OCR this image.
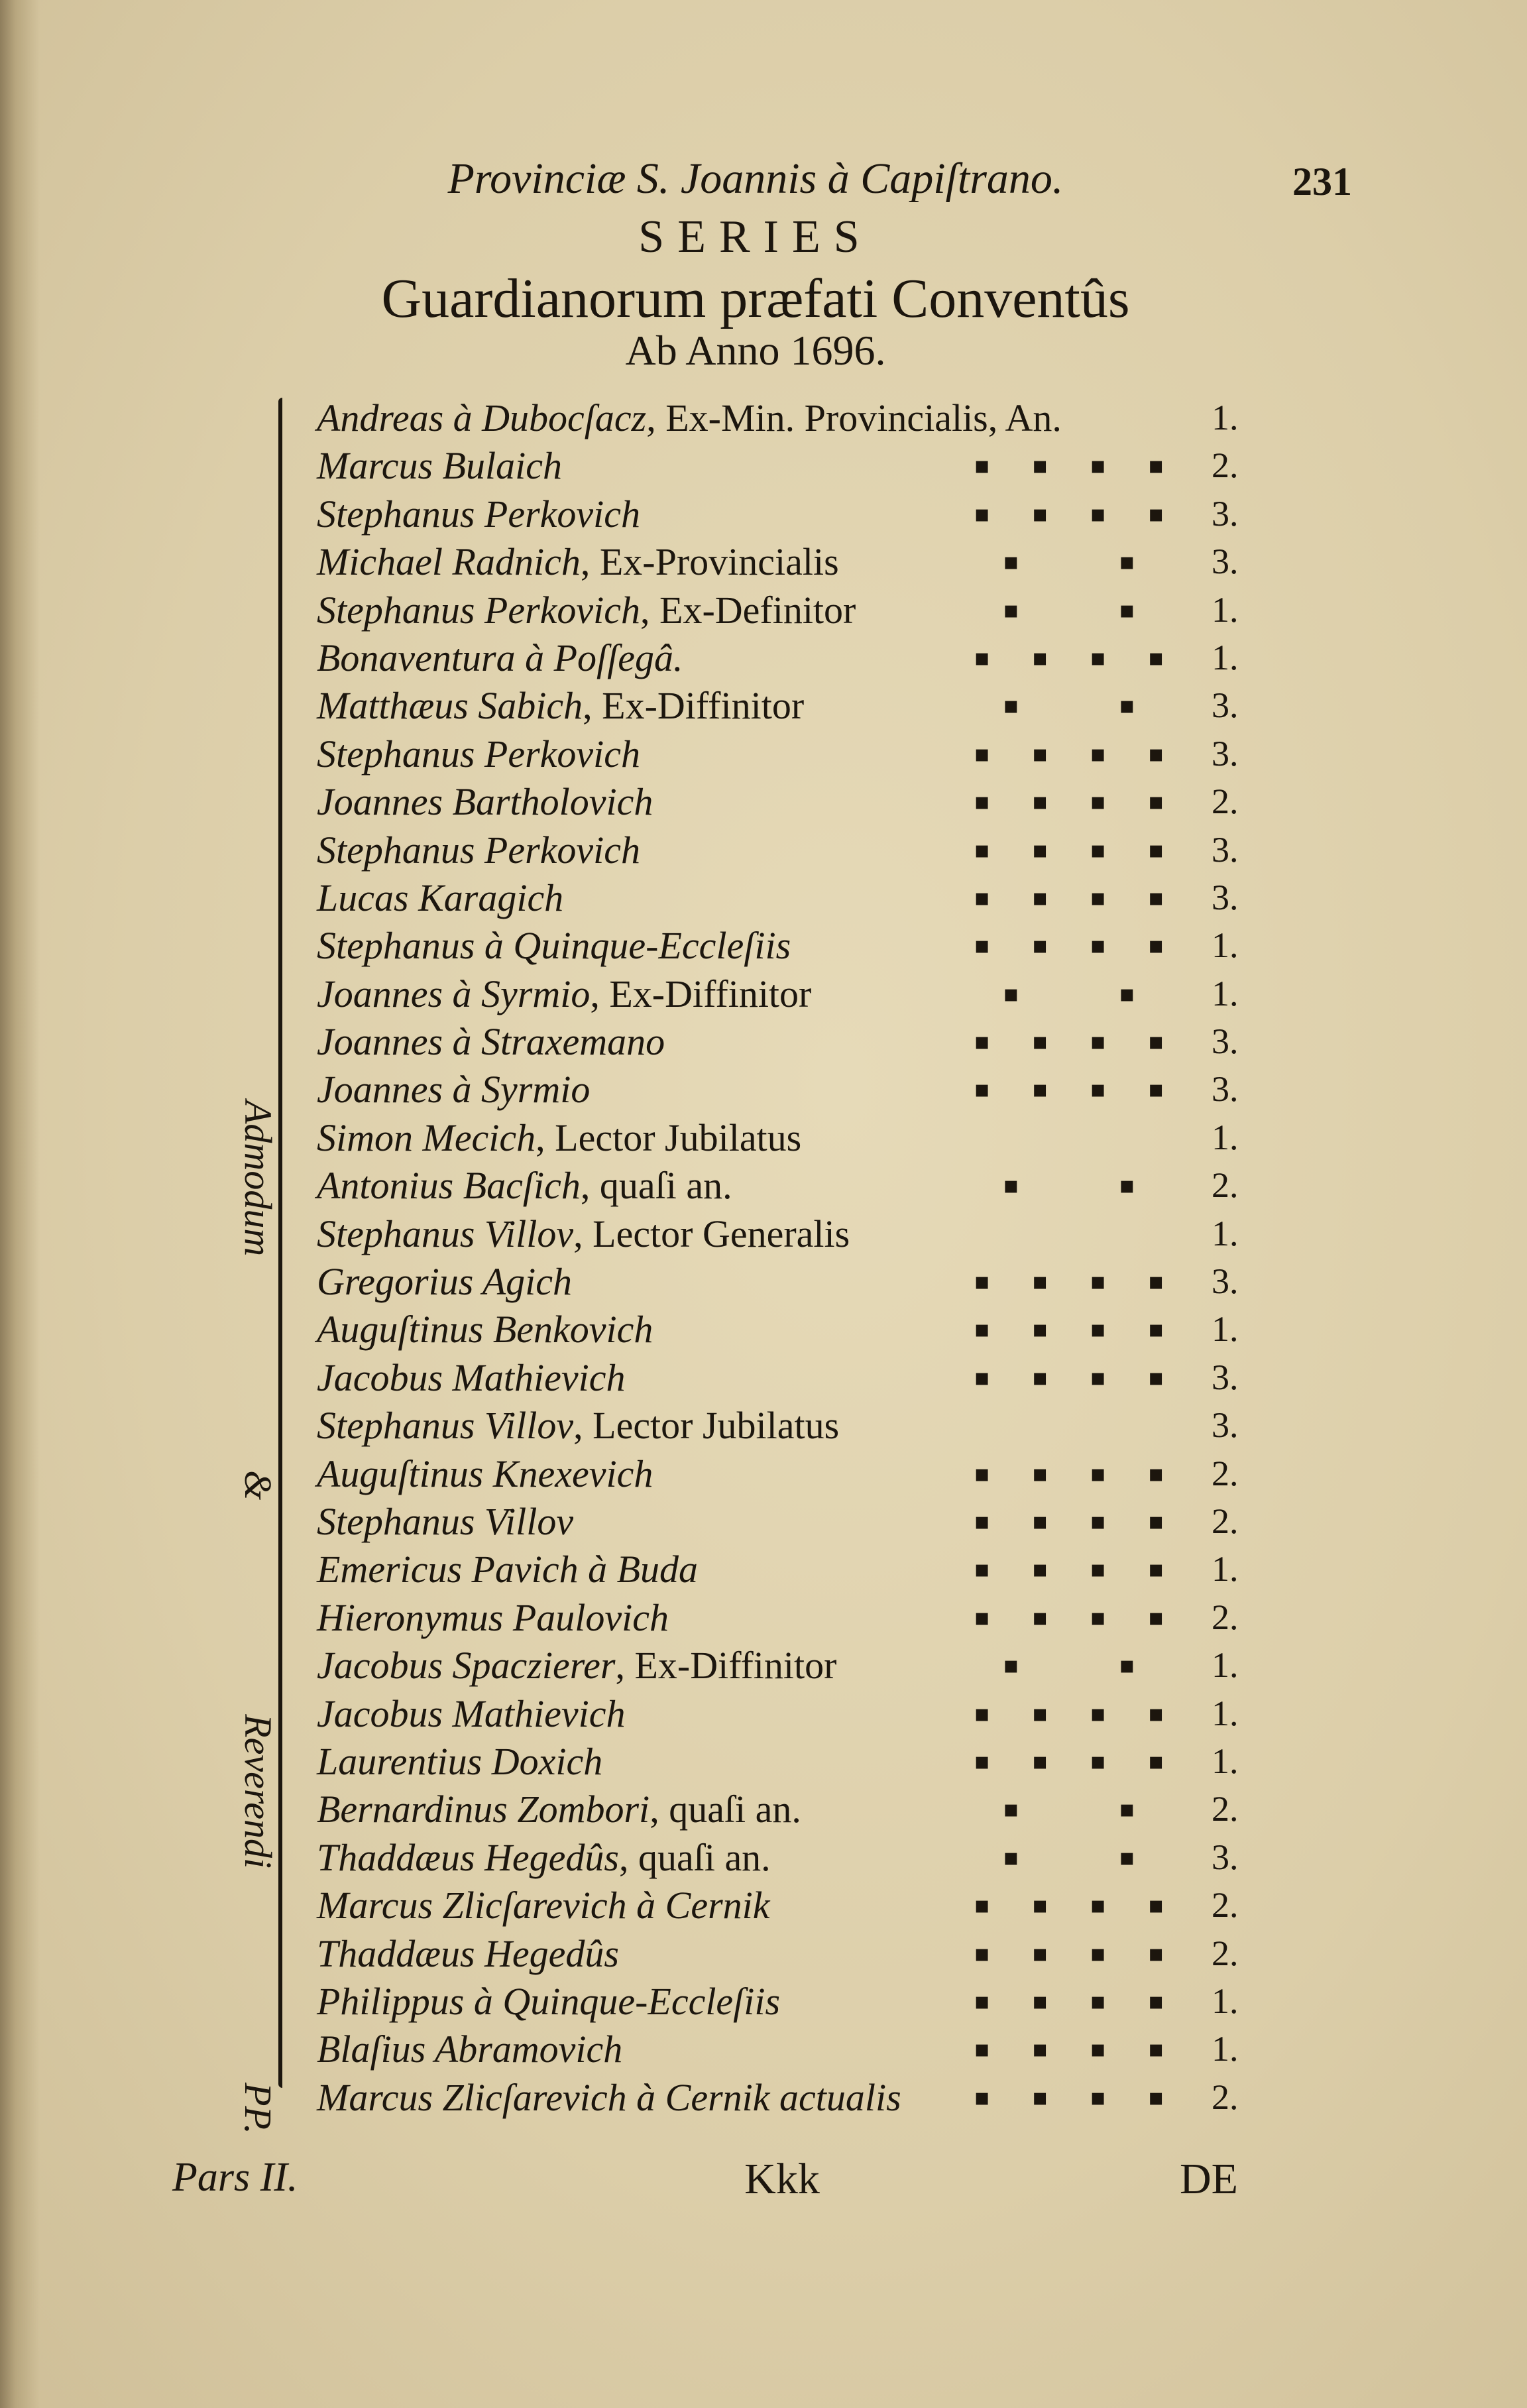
Provinciæ S. Joannis à Capiſtrano.	231
SERIES
Guardianorum præfati Conventûs
Ab Anno 1696.
Admodum
&
Reverendi
PP.
Andreas à Dubocſacz, Ex-Min. Provincialis, An.	1.
Marcus Bulaich	▪ ▪ ▪ ▪ 2.
Stephanus Perkovich	▪ ▪ ▪ ▪ 3.
Michael Radnich, Ex-Provincialis	▪	▪ 3.
Stephanus Perkovich, Ex-Definitor	▪	▪ 1.
Bonaventura à Poſſegâ.	▪ ▪ ▪ ▪ 1.
Matthæus Sabich, Ex-Diffinitor	▪	▪ 3.
Stephanus Perkovich	▪ ▪ ▪ ▪ 3.
Joannes Bartholovich	▪ ▪ ▪ ▪ 2.
Stephanus Perkovich	▪ ▪ ▪ ▪ 3.
Lucas Karagich	▪ ▪ ▪ ▪ 3.
Stephanus à Quinque-Eccleſiis	▪ ▪ ▪ ▪ 1.
Joannes à Syrmio, Ex-Diffinitor	▪	▪ 1.
Joannes à Straxemano	▪ ▪ ▪ ▪ 3.
Joannes à Syrmio	▪ ▪ ▪ ▪ 3.
Simon Mecich, Lector Jubilatus	1.
Antonius Bacſich, quaſi an.	▪	▪ 2.
Stephanus Villov, Lector Generalis	1.
Gregorius Agich	▪ ▪ ▪ ▪ 3.
Auguſtinus Benkovich	▪ ▪ ▪ ▪ 1.
Jacobus Mathievich	▪ ▪ ▪ ▪ 3.
Stephanus Villov, Lector Jubilatus	3.
Auguſtinus Knexevich	▪ ▪ ▪ ▪ 2.
Stephanus Villov	▪ ▪ ▪ ▪ 2.
Emericus Pavich à Buda	▪ ▪ ▪ ▪ 1.
Hieronymus Paulovich	▪ ▪ ▪ ▪ 2.
Jacobus Spaczierer, Ex-Diffinitor	▪	▪ 1.
Jacobus Mathievich	▪ ▪ ▪ ▪ 1.
Laurentius Doxich	▪ ▪ ▪ ▪ 1.
Bernardinus Zombori, quaſi an.	▪	▪ 2.
Thaddæus Hegedûs, quaſi an.	▪	▪ 3.
Marcus Zlicſarevich à Cernik	▪ ▪ ▪ ▪ 2.
Thaddæus Hegedûs	▪ ▪ ▪ ▪ 2.
Philippus à Quinque-Eccleſiis	▪ ▪ ▪ ▪ 1.
Blaſius Abramovich	▪ ▪ ▪ ▪ 1.
Marcus Zlicſarevich à Cernik actualis	▪ ▪ ▪ ▪ 2.
Pars II.	Kkk	DE
